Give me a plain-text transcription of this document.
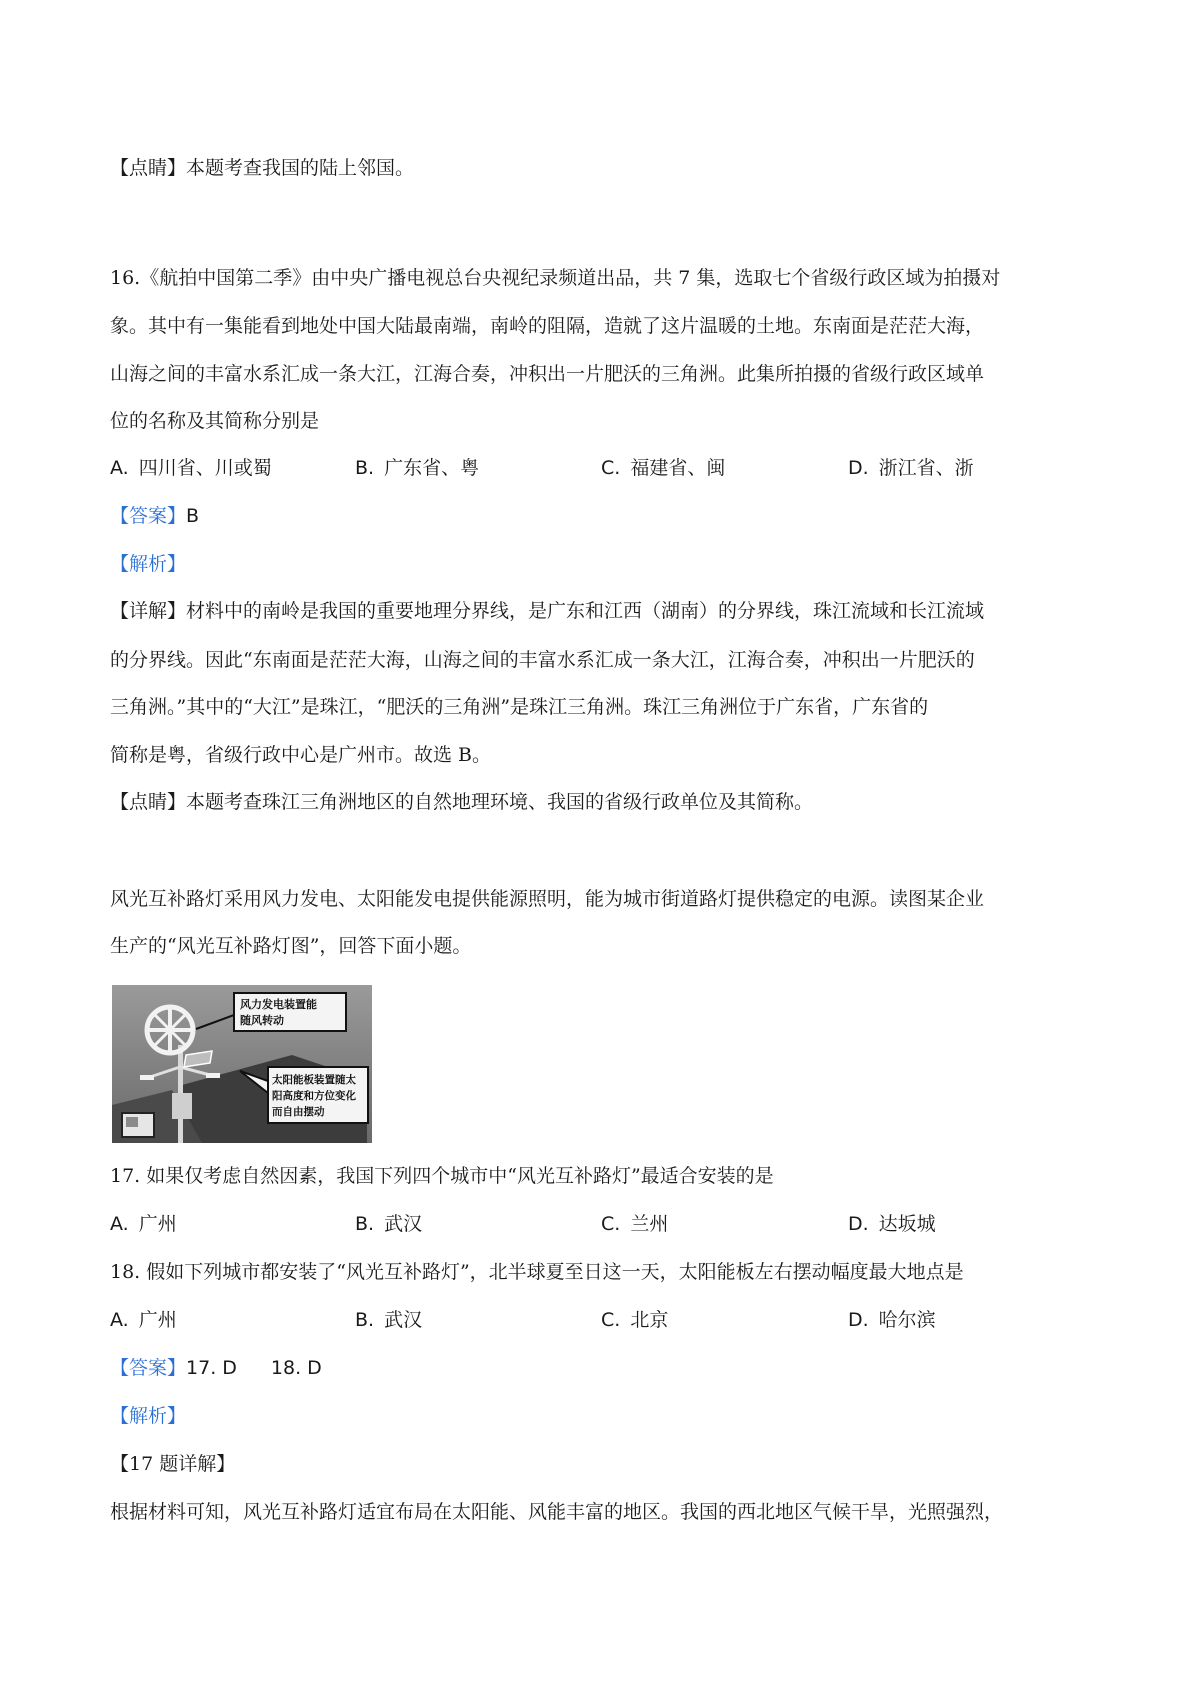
【点睛】本题考查我国的陆上邻国。
16.《航拍中国第二季》由中央广播电视总台央视纪录频道出品，共 7 集，选取七个省级行政区域为拍摄对
象。其中有一集能看到地处中国大陆最南端，南岭的阻隔，造就了这片温暖的土地。东南面是茫茫大海，
山海之间的丰富水系汇成一条大江，江海合奏，冲积出一片肥沃的三角洲。此集所拍摄的省级行政区域单
位的名称及其简称分别是
A. 四川省、川或蜀	B. 广东省、粤	C. 福建省、闽	D. 浙江省、浙
【答案】B
【解析】
【详解】材料中的南岭是我国的重要地理分界线，是广东和江西（湖南）的分界线，珠江流域和长江流域
的分界线。因此“东南面是茫茫大海，山海之间的丰富水系汇成一条大江，江海合奏，冲积出一片肥沃的
三角洲。”其中的“大江”是珠江，“肥沃的三角洲”是珠江三角洲。珠江三角洲位于广东省，广东省的
简称是粤，省级行政中心是广州市。故选 B。
【点睛】本题考查珠江三角洲地区的自然地理环境、我国的省级行政单位及其简称。
风光互补路灯采用风力发电、太阳能发电提供能源照明，能为城市街道路灯提供稳定的电源。读图某企业
生产的“风光互补路灯图”，回答下面小题。
风力发电装置能
随风转动
太阳能板装置随太
阳高度和方位变化
而自由摆动
17. 如果仅考虑自然因素，我国下列四个城市中“风光互补路灯”最适合安装的是
A. 广州	B. 武汉	C. 兰州	D. 达坂城
18. 假如下列城市都安装了“风光互补路灯”，北半球夏至日这一天，太阳能板左右摆动幅度最大地点是
A. 广州	B. 武汉	C. 北京	D. 哈尔滨
【答案】17. D 18. D
【解析】
【17 题详解】
根据材料可知，风光互补路灯适宜布局在太阳能、风能丰富的地区。我国的西北地区气候干旱，光照强烈，
